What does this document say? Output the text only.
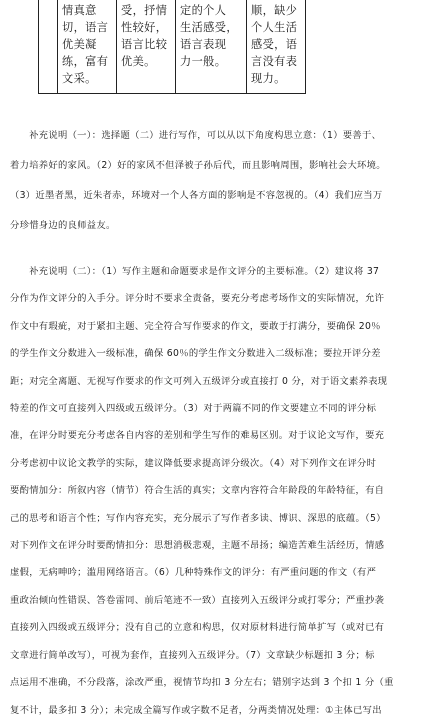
	情真意
切，语言
优美凝
练，富有
文采。	受，抒情
性较好，
语言比较
优美。	定的个人
生活感受，
语言表现
力一般。	顺，缺少
个人生活
感受，语
言没有表
现力。
　　补充说明（一）：选择题（二）进行写作，可以从以下角度构思立意：（1）要善于、
着力培养好的家风。（2）好的家风不但泽被子孙后代，而且影响周围，影响社会大环境。
（3）近墨者黑，近朱者赤，环境对一个人各方面的影响是不容忽视的。（4）我们应当万
分珍惜身边的良师益友。
　　补充说明（二）：（1）写作主题和命题要求是作文评分的主要标准。（2）建议将 37
分作为作文评分的入手分。评分时不要求全责备，要充分考虑考场作文的实际情况，允许
作文中有瑕疵，对于紧扣主题、完全符合写作要求的作文，要敢于打满分，要确保 20％
的学生作文分数进入一级标准，确保 60％的学生作文分数进入二级标准；要拉开评分差
距；对完全离题、无视写作要求的作文可列入五级评分或直接打 0 分，对于语文素养表现
特差的作文可直接列入四级或五级评分。（3）对于两篇不同的作文要建立不同的评分标
准，在评分时要充分考虑各自内容的差别和学生写作的难易区别。对于议论文写作，要充
分考虑初中议论文教学的实际，建议降低要求提高评分级次。（4）对下列作文在评分时
要酌情加分：所叙内容（情节）符合生活的真实；文章内容符合年龄段的年龄特征，有自
己的思考和语言个性；写作内容充实，充分展示了写作者多读、博识、深思的底蕴。（5）
对下列作文在评分时要酌情扣分：思想消极悲观，主题不昂扬；编造苦难生活经历，情感
虚假，无病呻吟；滥用网络语言。（6）几种特殊作文的评分：有严重问题的作文（有严
重政治倾向性错误、答卷雷同、前后笔迹不一致）直接列入五级评分或打零分；严重抄袭
直接列入四级或五级评分；没有自己的立意和构思，仅对原材料进行简单扩写（或对已有
文章进行简单改写），可视为套作，直接列入五级评分。（7）文章缺少标题扣 3 分；标
点运用不准确，不分段落，涂改严重，视情节均扣 3 分左右；错别字达到 3 个扣 1 分（重
复不计，最多扣 3 分）；未完成全篇写作或字数不足者，分两类情况处理：①主体已写出
